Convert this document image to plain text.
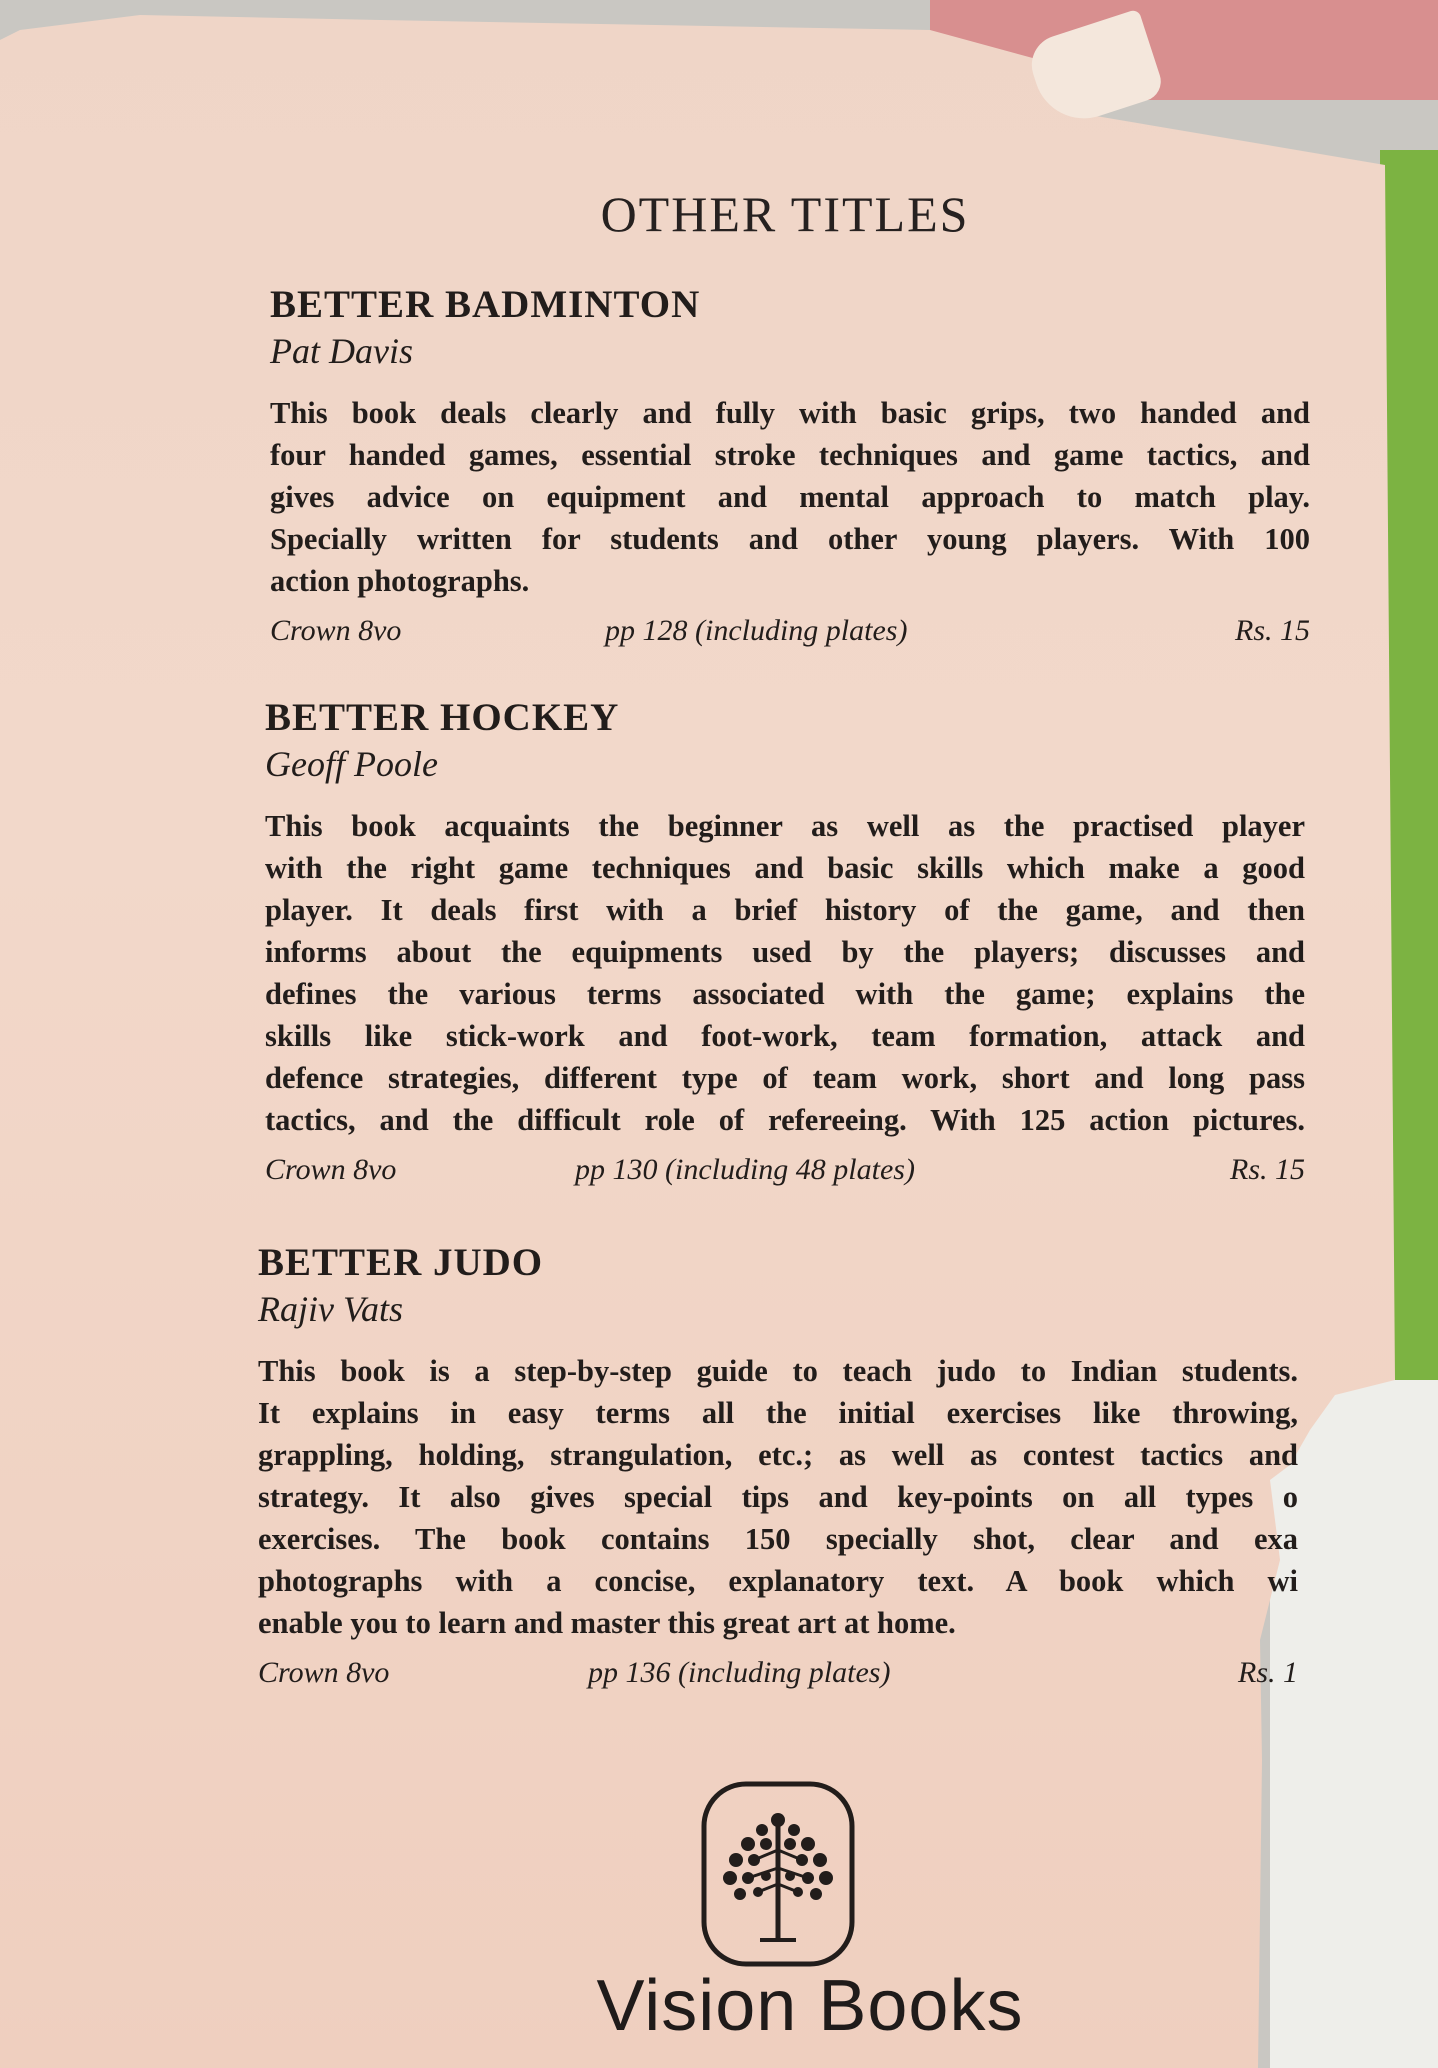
OTHER TITLES

BETTER BADMINTON

Pat Davis

This book deals clearly and fully with basic grips, two handed and
four handed games, essential stroke techniques and game tactics, and
gives advice on equipment and mental approach to match play.
Specially written for students and other young players. With 100
action photographs.

Crown 8vo	pp 128 (including plates)	Rs. 15

BETTER HOCKEY

Geoff Poole

This book acquaints the beginner as well as the practised player
with the right game techniques and basic skills which make a good
player. It deals first with a brief history of the game, and then
informs about the equipments used by the players; discusses and
defines the various terms associated with the game; explains the
skills like stick-work and foot-work, team formation, attack and
defence strategies, different type of team work, short and long pass
tactics, and the difficult role of refereeing. With 125 action pictures.

Crown 8vo	pp 130 (including 48 plates)	Rs. 15

BETTER JUDO

Rajiv Vats

This book is a step-by-step guide to teach judo to Indian students.
It explains in easy terms all the initial exercises like throwing,
grappling, holding, strangulation, etc.; as well as contest tactics and
strategy. It also gives special tips and key-points on all types o
exercises. The book contains 150 specially shot, clear and exa
photographs with a concise, explanatory text. A book which wi
enable you to learn and master this great art at home.

Crown 8vo	pp 136 (including plates)	Rs. 1
Vision Books
